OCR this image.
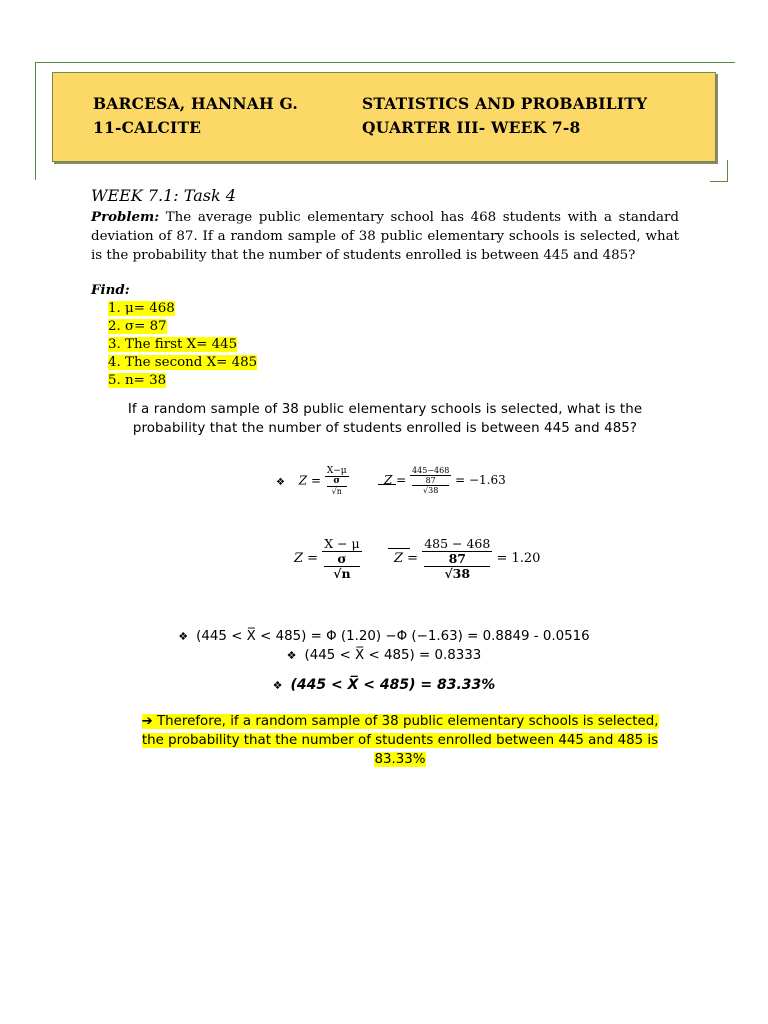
BARCESA, HANNAH G.
11-CALCITE
STATISTICS AND PROBABILITY
QUARTER III- WEEK 7-8
WEEK 7.1: Task 4
Problem: The average public elementary school has 468 students with a standard deviation of 87. If a random sample of 38 public elementary schools is selected, what is the probability that the number of students enrolled is between 445 and 485?
Find:
1. μ= 468
2. σ= 87
3. The first X= 445
4. The second X= 485
5. n= 38
If a random sample of 38 public elementary schools is selected, what is the probability that the number of students enrolled is between 445 and 485?
❖ Z = X−μ
σ
√n	Z = 445−468
87
√38 = −1.63
Z = X − μ
σ
√n Z = 485 − 468
87
√38 = 1.20
❖ (445 < X̅ < 485) = Φ (1.20) −Φ (−1.63) = 0.8849 - 0.0516
❖ (445 < X̅ < 485) = 0.8333
❖ (445 < X̅ < 485) = 83.33%
➔ Therefore, if a random sample of 38 public elementary schools is selected, the probability that the number of students enrolled between 445 and 485 is 83.33%
